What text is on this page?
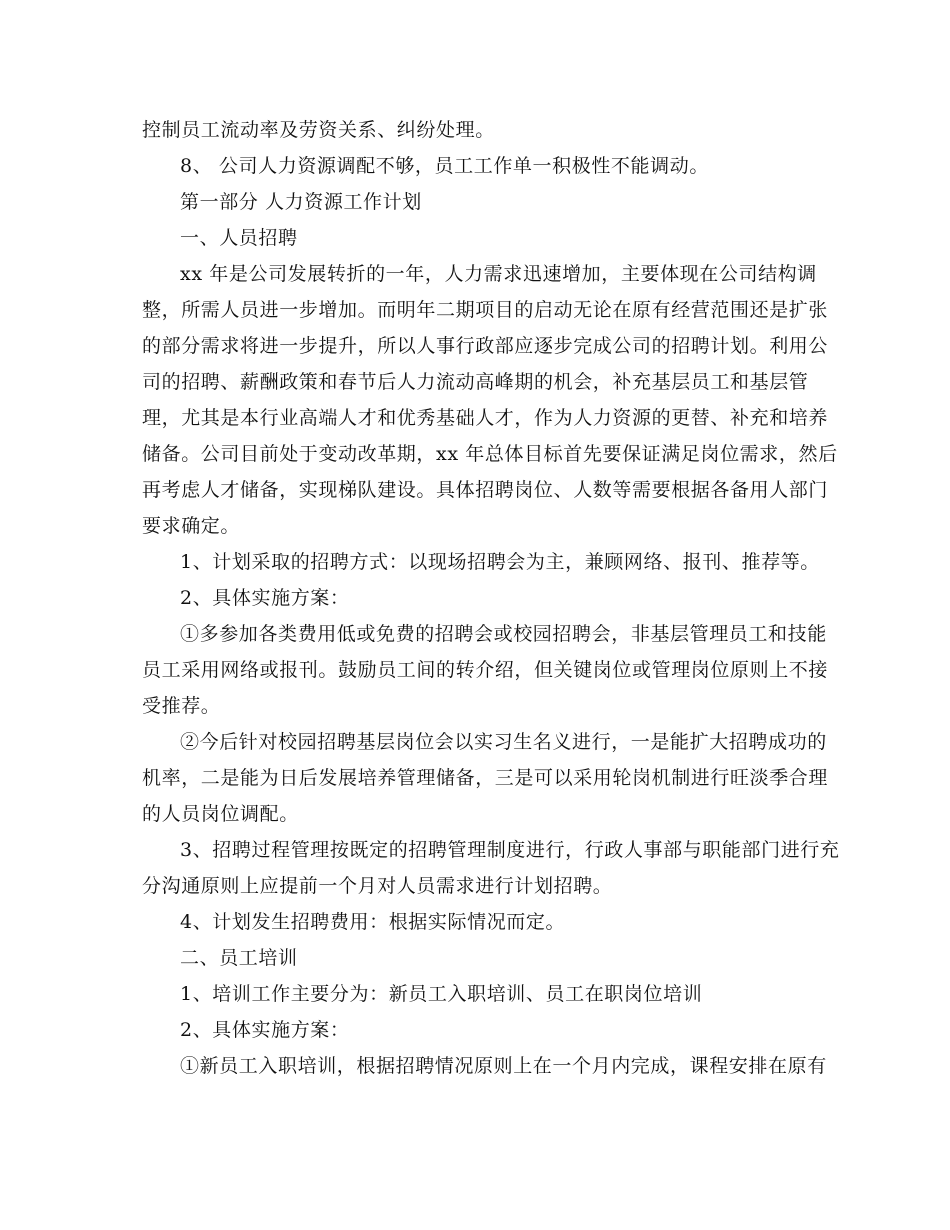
控制员工流动率及劳资关系、纠纷处理。

8、 公司人力资源调配不够，员工工作单一积极性不能调动。

第一部分 人力资源工作计划

一、人员招聘

xx 年是公司发展转折的一年，人力需求迅速增加，主要体现在公司结构调
整，所需人员进一步增加。而明年二期项目的启动无论在原有经营范围还是扩张
的部分需求将进一步提升，所以人事行政部应逐步完成公司的招聘计划。利用公
司的招聘、薪酬政策和春节后人力流动高峰期的机会，补充基层员工和基层管
理，尤其是本行业高端人才和优秀基础人才，作为人力资源的更替、补充和培养
储备。公司目前处于变动改革期，xx 年总体目标首先要保证满足岗位需求，然后
再考虑人才储备，实现梯队建设。具体招聘岗位、人数等需要根据各备用人部门
要求确定。

1、计划采取的招聘方式：以现场招聘会为主，兼顾网络、报刊、推荐等。

2、具体实施方案：

①多参加各类费用低或免费的招聘会或校园招聘会，非基层管理员工和技能
员工采用网络或报刊。鼓励员工间的转介绍，但关键岗位或管理岗位原则上不接
受推荐。

②今后针对校园招聘基层岗位会以实习生名义进行，一是能扩大招聘成功的
机率，二是能为日后发展培养管理储备，三是可以采用轮岗机制进行旺淡季合理
的人员岗位调配。

3、招聘过程管理按既定的招聘管理制度进行，行政人事部与职能部门进行充
分沟通原则上应提前一个月对人员需求进行计划招聘。

4、计划发生招聘费用：根据实际情况而定。

二、员工培训

1、培训工作主要分为：新员工入职培训、员工在职岗位培训

2、具体实施方案：

①新员工入职培训，根据招聘情况原则上在一个月内完成，课程安排在原有
